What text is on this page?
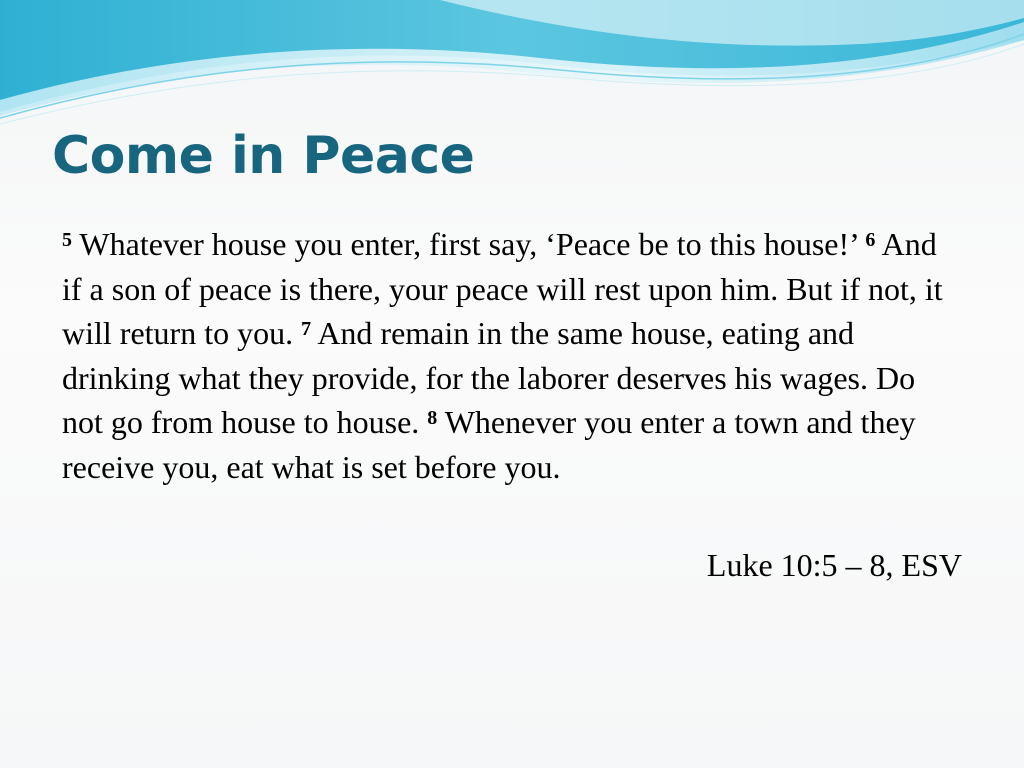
Come in Peace

$^5$ Whatever house you enter, first say, ‘Peace be to this house!’ $^6$ And if a son of peace is there, your peace will rest upon him. But if not, it will return to you. $^7$ And remain in the same house, eating and drinking what they provide, for the laborer deserves his wages. Do not go from house to house. $^8$ Whenever you enter a town and they receive you, eat what is set before you.

Luke 10:5 – 8, ESV
